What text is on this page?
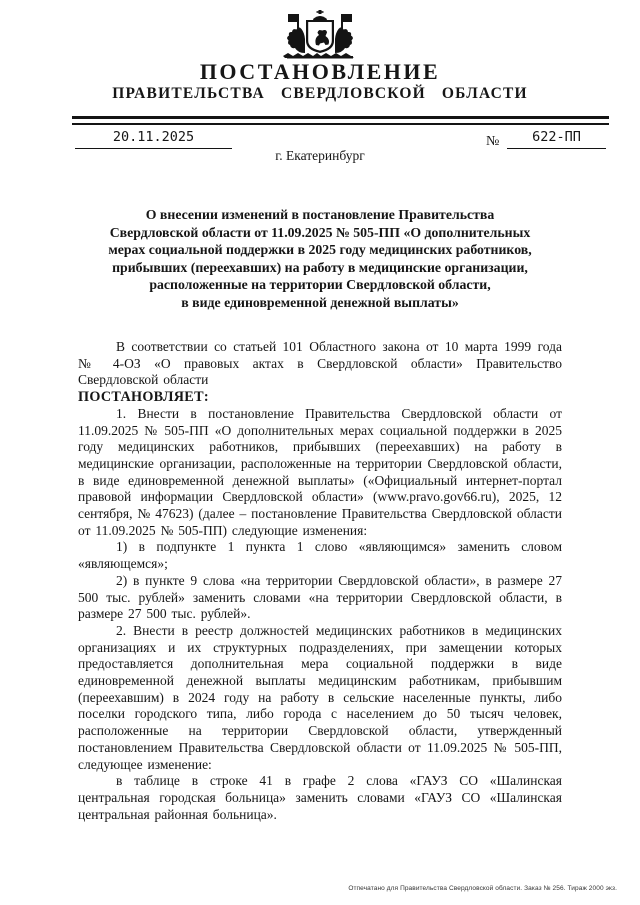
ПОСТАНОВЛЕНИЕ
ПРАВИТЕЛЬСТВА СВЕРДЛОВСКОЙ ОБЛАСТИ
20.11.2025	№	622-ПП
г. Екатеринбург
О внесении изменений в постановление Правительства
Свердловской области от 11.09.2025 № 505-ПП «О дополнительных
мерах социальной поддержки в 2025 году медицинских работников,
прибывших (переехавших) на работу в медицинские организации,
расположенные на территории Свердловской области,
в виде единовременной денежной выплаты»

В соответствии со статьей 101 Областного закона от 10 марта 1999 года № 4-ОЗ «О правовых актах в Свердловской области» Правительство Свердловской области

ПОСТАНОВЛЯЕТ:

1. Внести в постановление Правительства Свердловской области от 11.09.2025 № 505-ПП «О дополнительных мерах социальной поддержки в 2025 году медицинских работников, прибывших (переехавших) на работу в медицинские организации, расположенные на территории Свердловской области, в виде единовременной денежной выплаты» («Официальный интернет-портал правовой информации Свердловской области» (www.pravo.gov66.ru), 2025, 12 сентября, № 47623) (далее – постановление Правительства Свердловской области от 11.09.2025 № 505-ПП) следующие изменения:

1) в подпункте 1 пункта 1 слово «являющимся» заменить словом «являющемся»;

2) в пункте 9 слова «на территории Свердловской области», в размере 27 500 тыс. рублей» заменить словами «на территории Свердловской области, в размере 27 500 тыс. рублей».

2. Внести в реестр должностей медицинских работников в медицинских организациях и их структурных подразделениях, при замещении которых предоставляется дополнительная мера социальной поддержки в виде единовременной денежной выплаты медицинским работникам, прибывшим (переехавшим) в 2024 году на работу в сельские населенные пункты, либо поселки городского типа, либо города с населением до 50 тысяч человек, расположенные на территории Свердловской области, утвержденный постановлением Правительства Свердловской области от 11.09.2025 № 505-ПП, следующее изменение:

в таблице в строке 41 в графе 2 слова «ГАУЗ СО «Шалинская центральная городская больница» заменить словами «ГАУЗ СО «Шалинская центральная районная больница».

Отпечатано для Правительства Свердловской области. Заказ № 256. Тираж 2000 экз.
